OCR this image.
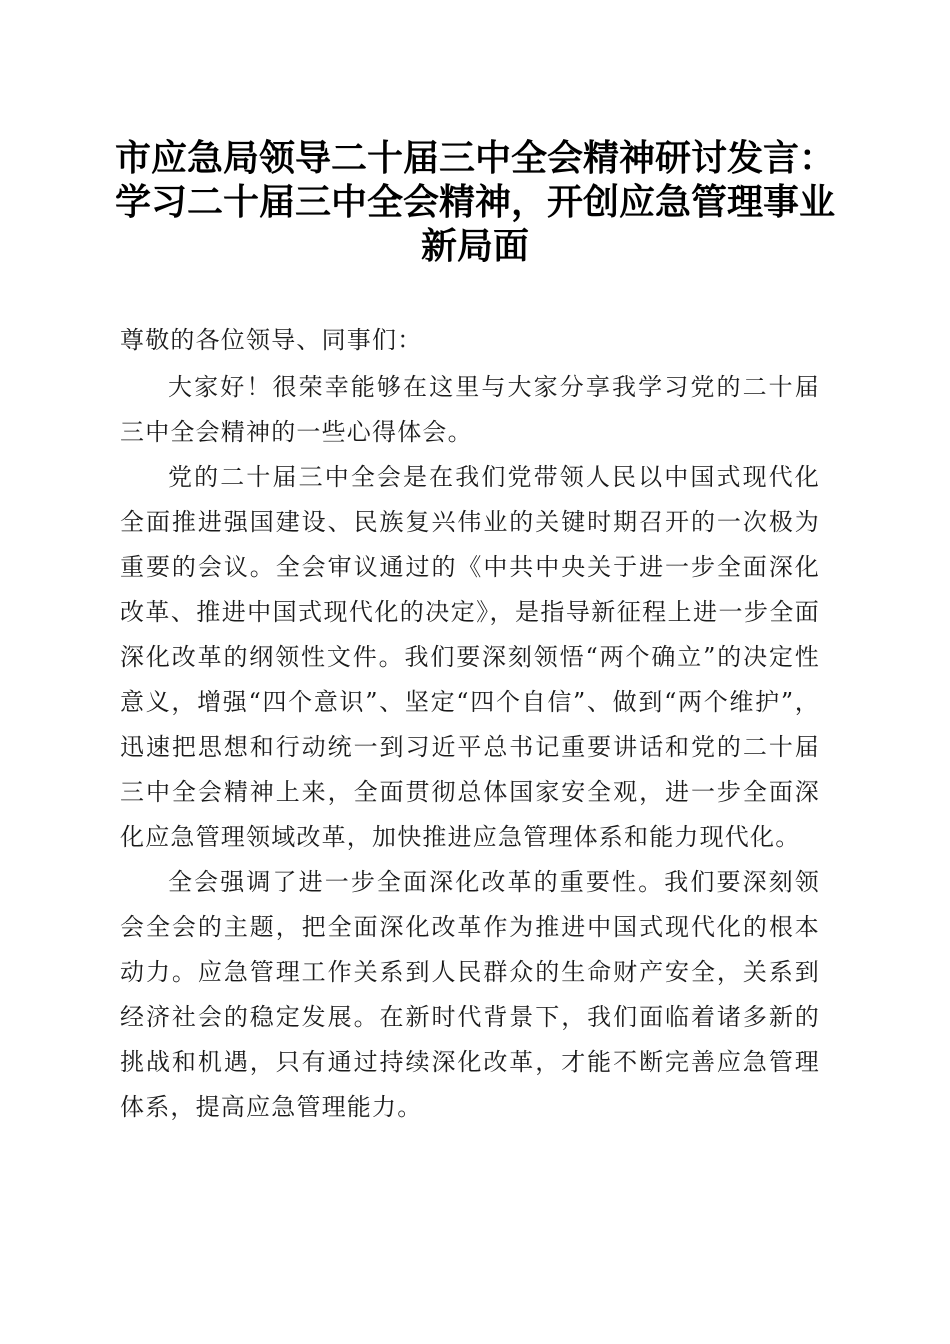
市应急局领导二十届三中全会精神研讨发言：
学习二十届三中全会精神，开创应急管理事业
新局面

尊敬的各位领导、同事们：

大家好！很荣幸能够在这里与大家分享我学习党的二十届三中全会精神的一些心得体会。

党的二十届三中全会是在我们党带领人民以中国式现代化全面推进强国建设、民族复兴伟业的关键时期召开的一次极为重要的会议。全会审议通过的《中共中央关于进一步全面深化改革、推进中国式现代化的决定》，是指导新征程上进一步全面深化改革的纲领性文件。我们要深刻领悟“两个确立”的决定性意义，增强“四个意识”、坚定“四个自信”、做到“两个维护”，迅速把思想和行动统一到习近平总书记重要讲话和党的二十届三中全会精神上来，全面贯彻总体国家安全观，进一步全面深化应急管理领域改革，加快推进应急管理体系和能力现代化。

全会强调了进一步全面深化改革的重要性。我们要深刻领会全会的主题，把全面深化改革作为推进中国式现代化的根本动力。应急管理工作关系到人民群众的生命财产安全，关系到经济社会的稳定发展。在新时代背景下，我们面临着诸多新的挑战和机遇，只有通过持续深化改革，才能不断完善应急管理体系，提高应急管理能力。
